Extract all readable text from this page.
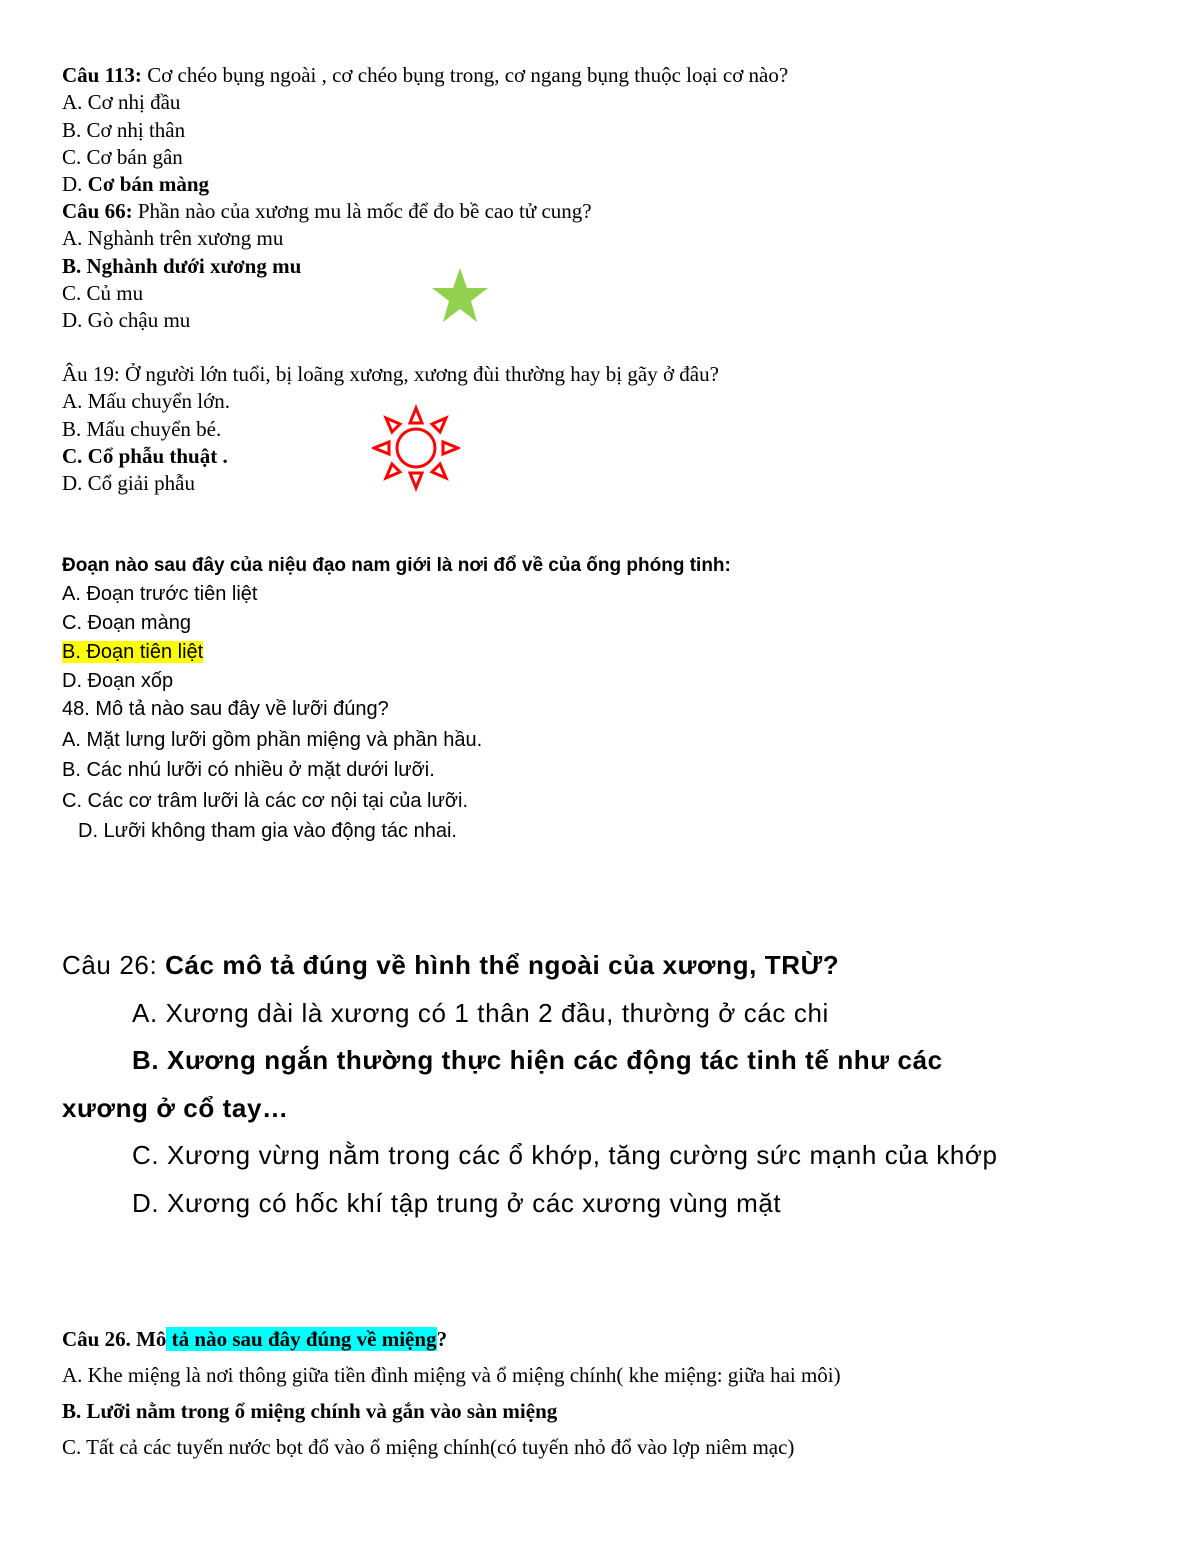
Câu 113: Cơ chéo bụng ngoài , cơ chéo bụng trong, cơ ngang bụng thuộc loại cơ nào?
A. Cơ nhị đầu
B. Cơ nhị thân
C. Cơ bán gân
D. Cơ bán màng
Câu 66: Phần nào của xương mu là mốc để đo bề cao tử cung?
A. Nghành trên xương mu
B. Nghành dưới xương mu
C. Củ mu
D. Gò chậu mu
Âu 19: Ở người lớn tuổi, bị loãng xương, xương đùi thường hay bị gãy ở đâu?
A. Mấu chuyển lớn.
B. Mấu chuyển bé.
C. Cổ phẫu thuật .
D. Cổ giải phẫu
Đoạn nào sau đây của niệu đạo nam giới là nơi đổ về của ống phóng tinh:
A. Đoạn trước tiên liệt
C. Đoạn màng
B. Đoạn tiên liệt
D. Đoạn xốp
48. Mô tả nào sau đây về lưỡi đúng?
A. Mặt lưng lưỡi gồm phần miệng và phần hầu.
B. Các nhú lưỡi có nhiều ở mặt dưới lưỡi.
C. Các cơ trâm lưỡi là các cơ nội tại của lưỡi.
D. Lưỡi không tham gia vào động tác nhai.
Câu 26: Các mô tả đúng về hình thể ngoài của xương, TRỪ?
A. Xương dài là xương có 1 thân 2 đầu, thường ở các chi
B. Xương ngắn thường thực hiện các động tác tinh tế như các
xương ở cổ tay…
C. Xương vừng nằm trong các ổ khớp, tăng cường sức mạnh của khớp
D. Xương có hốc khí tập trung ở các xương vùng mặt
Câu 26. Mô tả nào sau đây đúng về miệng?
A. Khe miệng là nơi thông giữa tiền đình miệng và ổ miệng chính( khe miệng: giữa hai môi)
B. Lưỡi nằm trong ổ miệng chính và gắn vào sàn miệng
C. Tất cả các tuyến nước bọt đổ vào ổ miệng chính(có tuyến nhỏ đổ vào lợp niêm mạc)
